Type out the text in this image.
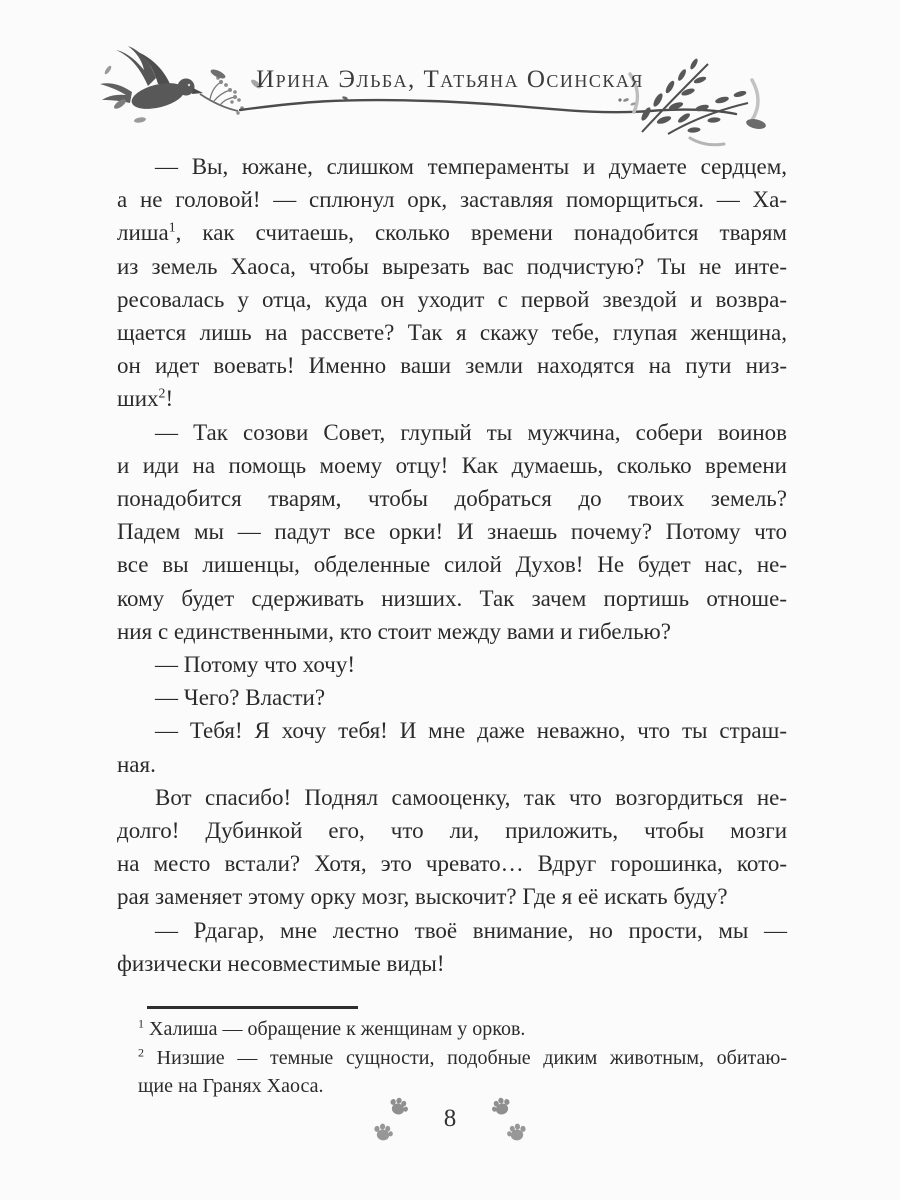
Ирина Эльба, Татьяна Осинская
— Вы, южане, слишком темпераменты и думаете сердцем,
а не головой! — сплюнул орк, заставляя поморщиться. — Ха-
лиша$^1$, как считаешь, сколько времени понадобится тварям
из земель Хаоса, чтобы вырезать вас подчистую? Ты не инте-
ресовалась у отца, куда он уходит с первой звездой и возвра-
щается лишь на рассвете? Так я скажу тебе, глупая женщина,
он идет воевать! Именно ваши земли находятся на пути низ-
ших$^2$!
— Так созови Совет, глупый ты мужчина, собери воинов
и иди на помощь моему отцу! Как думаешь, сколько времени
понадобится тварям, чтобы добраться до твоих земель?
Падем мы — падут все орки! И знаешь почему? Потому что
все вы лишенцы, обделенные силой Духов! Не будет нас, не-
кому будет сдерживать низших. Так зачем портишь отноше-
ния с единственными, кто стоит между вами и гибелью?
— Потому что хочу!
— Чего? Власти?
— Тебя! Я хочу тебя! И мне даже неважно, что ты страш-
ная.
Вот спасибо! Поднял самооценку, так что возгордиться не-
долго! Дубинкой его, что ли, приложить, чтобы мозги
на место встали? Хотя, это чревато… Вдруг горошинка, кото-
рая заменяет этому орку мозг, выскочит? Где я её искать буду?
— Рдагар, мне лестно твоё внимание, но прости, мы —
физически несовместимые виды!
$^1$ Халиша — обращение к женщинам у орков.
$^2$ Низшие — темные сущности, подобные диким животным, обитаю-
щие на Гранях Хаоса.
8
